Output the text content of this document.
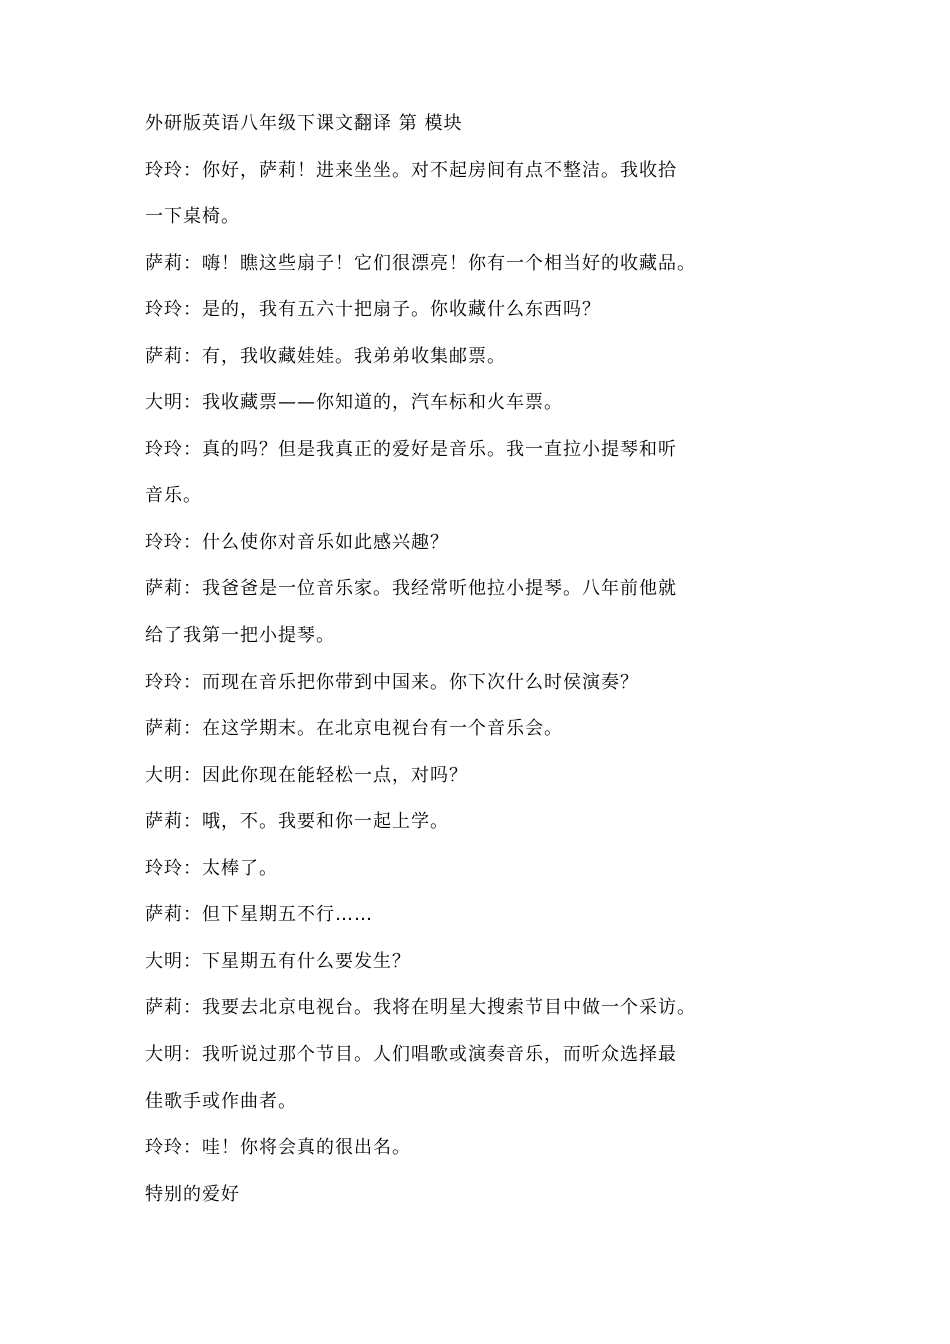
外研版英语八年级下课文翻译 第 模块
玲玲：你好，萨莉！进来坐坐。对不起房间有点不整洁。我收拾
一下桌椅。
萨莉：嗨！瞧这些扇子！它们很漂亮！你有一个相当好的收藏品。
玲玲：是的，我有五六十把扇子。你收藏什么东西吗？
萨莉：有，我收藏娃娃。我弟弟收集邮票。
大明：我收藏票——你知道的，汽车标和火车票。
玲玲：真的吗？但是我真正的爱好是音乐。我一直拉小提琴和听
音乐。
玲玲：什么使你对音乐如此感兴趣？
萨莉：我爸爸是一位音乐家。我经常听他拉小提琴。八年前他就
给了我第一把小提琴。
玲玲：而现在音乐把你带到中国来。你下次什么时侯演奏？
萨莉：在这学期末。在北京电视台有一个音乐会。
大明：因此你现在能轻松一点，对吗？
萨莉：哦，不。我要和你一起上学。
玲玲：太棒了。
萨莉：但下星期五不行……
大明：下星期五有什么要发生？
萨莉：我要去北京电视台。我将在明星大搜索节目中做一个采访。
大明：我听说过那个节目。人们唱歌或演奏音乐，而听众选择最
佳歌手或作曲者。
玲玲：哇！你将会真的很出名。
特别的爱好
